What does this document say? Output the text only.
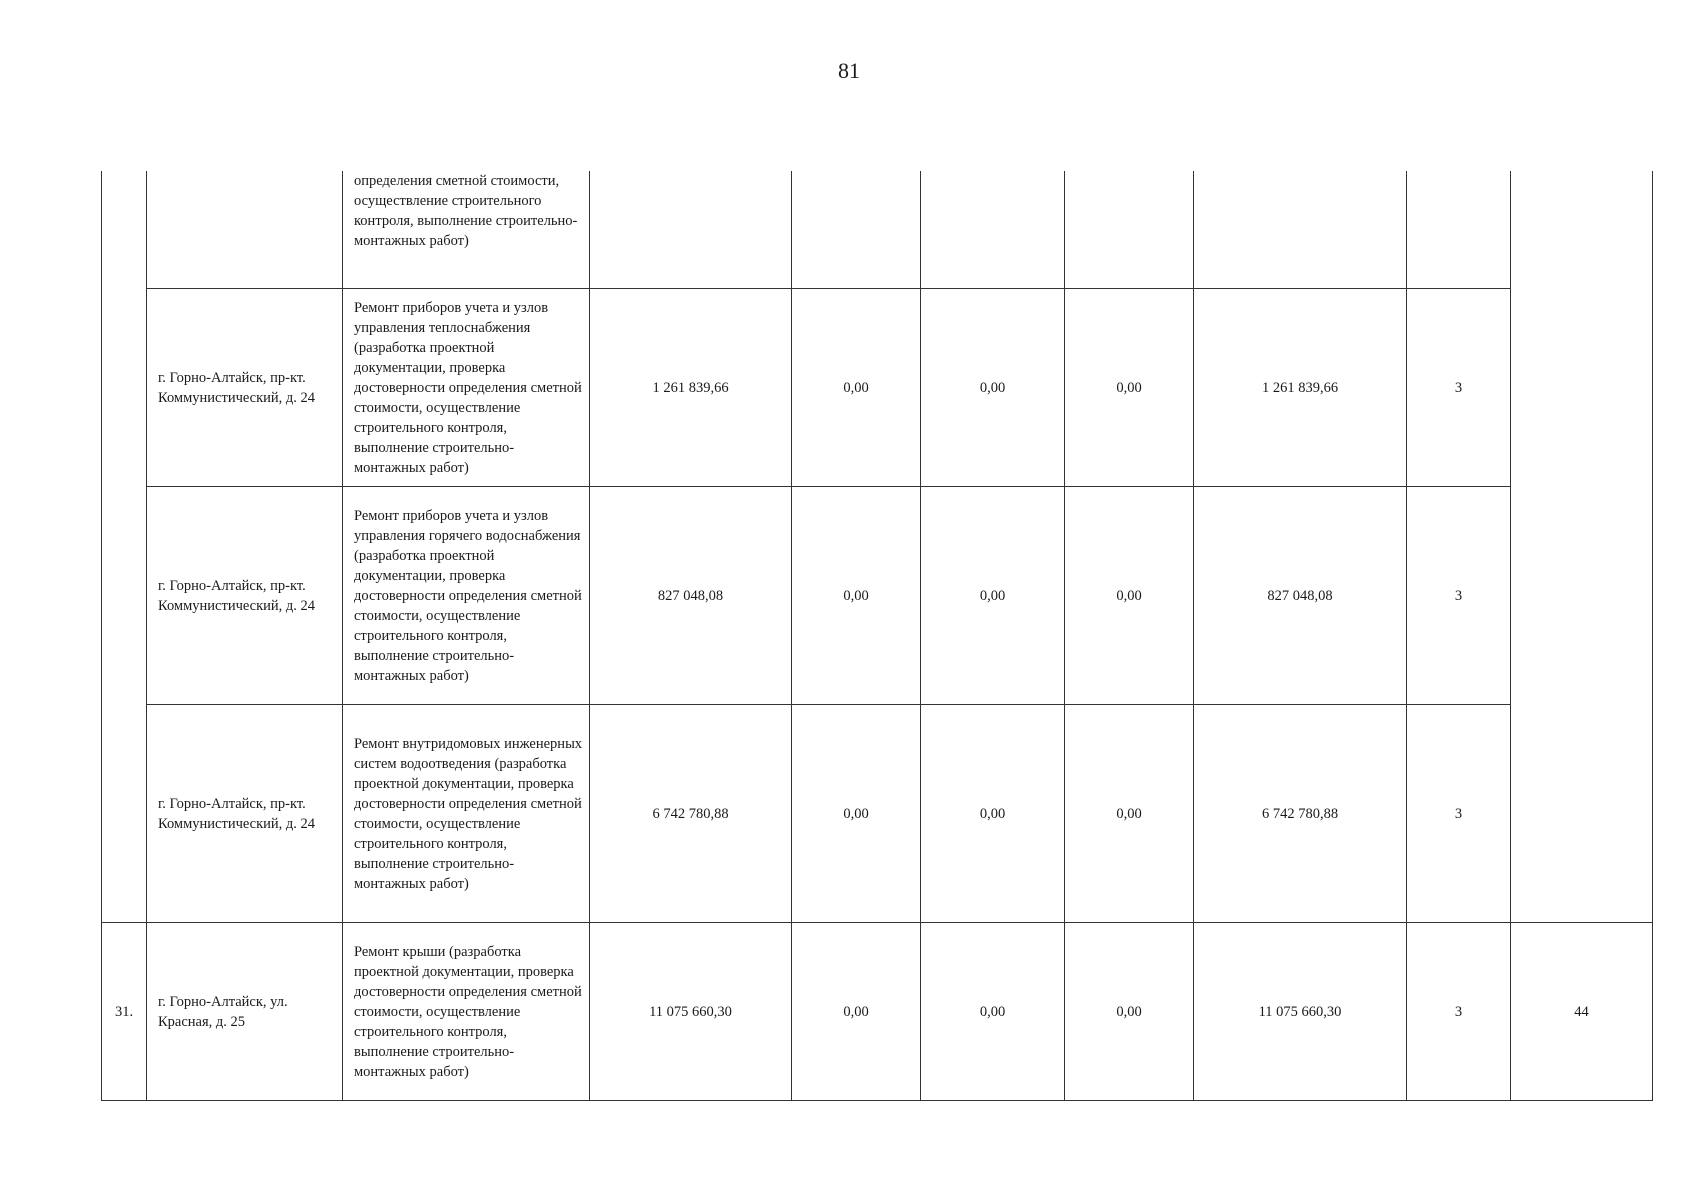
81
		определения сметной стоимости, осуществление строительного контроля, выполнение строительно-монтажных работ)							
	г. Горно-Алтайск, пр-кт. Коммунистический, д. 24	Ремонт приборов учета и узлов управления теплоснабжения (разработка проектной документации, проверка достоверности определения сметной стоимости, осуществление строительного контроля, выполнение строительно-монтажных работ)	1 261 839,66	0,00	0,00	0,00	1 261 839,66	3	
	г. Горно-Алтайск, пр-кт. Коммунистический, д. 24	Ремонт приборов учета и узлов управления горячего водоснабжения (разработка проектной документации, проверка достоверности определения сметной стоимости, осуществление строительного контроля, выполнение строительно-монтажных работ)	827 048,08	0,00	0,00	0,00	827 048,08	3	
	г. Горно-Алтайск, пр-кт. Коммунистический, д. 24	Ремонт внутридомовых инженерных систем водоотведения (разработка проектной документации, проверка достоверности определения сметной стоимости, осуществление строительного контроля, выполнение строительно-монтажных работ)	6 742 780,88	0,00	0,00	0,00	6 742 780,88	3	
31.	г. Горно-Алтайск, ул. Красная, д. 25	Ремонт крыши (разработка проектной документации, проверка достоверности определения сметной стоимости, осуществление строительного контроля, выполнение строительно-монтажных работ)	11 075 660,30	0,00	0,00	0,00	11 075 660,30	3	44
